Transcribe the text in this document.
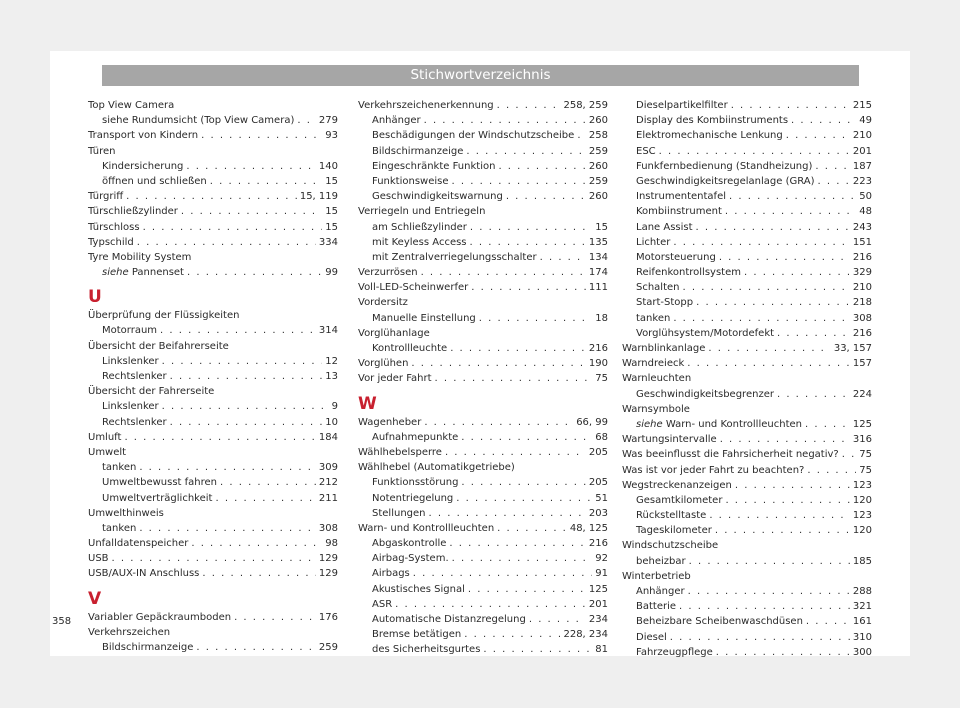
Stichwortverzeichnis
Top View Camera
siehe Rundumsicht (Top View Camera) . . . 279
Transport von Kindern . . .	93
Türen
Kindersicherung . . .	140
öffnen und schließen . . .	15
Türgriff . . .	15, 119
Türschließzylinder . . .	15
Türschloss . . .	15
Typschild . . .	334
Tyre Mobility System
siehe Pannenset . . .	99
U
Überprüfung der Flüssigkeiten
Motorraum . . .	314
Übersicht der Beifahrerseite
Linkslenker . . .	12
Rechtslenker . . .	13
Übersicht der Fahrerseite
Linkslenker . . .	9
Rechtslenker . . .	10
Umluft . . .	184
Umwelt
tanken . . .	309
Umweltbewusst fahren . . .	212
Umweltverträglichkeit . . .	211
Umwelthinweis
tanken . . .	308
Unfalldatenspeicher . . .	98
USB . . .	129
USB/AUX-IN Anschluss . . .	129
V
Variabler Gepäckraumboden . . .	176
Verkehrszeichen
Bildschirmanzeige . . .	259
Verkehrszeichenerkennung . . .	258, 259
Anhänger . . .	260
Beschädigungen der Windschutzscheibe . . . 258
Bildschirmanzeige . . .	259
Eingeschränkte Funktion . . .	260
Funktionsweise . . .	259
Geschwindigkeitswarnung . . .	260
Verriegeln und Entriegeln
am Schließzylinder . . .	15
mit Keyless Access . . .	135
mit Zentralverriegelungsschalter . . .	134
Verzurrösen . . .	174
Voll-LED-Scheinwerfer . . .	111
Vordersitz
Manuelle Einstellung . . .	18
Vorglühanlage
Kontrollleuchte . . .	216
Vorglühen . . .	190
Vor jeder Fahrt . . .	75
W
Wagenheber . . .	66, 99
Aufnahmepunkte . . .	68
Wählhebelsperre . . .	205
Wählhebel (Automatikgetriebe)
Funktionsstörung . . .	205
Notentriegelung . . .	51
Stellungen . . .	203
Warn- und Kontrollleuchten . . .	48, 125
Abgaskontrolle . . .	216
Airbag-System. . . .	92
Airbags . . .	91
Akustisches Signal . . .	125
ASR . . .	201
Automatische Distanzregelung . . .	234
Bremse betätigen . . .	228, 234
des Sicherheitsgurtes . . .	81
Dieselpartikelfilter . . .	215
Display des Kombiinstruments . . .	49
Elektromechanische Lenkung . . .	210
ESC . . .	201
Funkfernbedienung (Standheizung) . . .	187
Geschwindigkeitsregelanlage (GRA) . . .	223
Instrumententafel . . .	50
Kombiinstrument . . .	48
Lane Assist . . .	243
Lichter . . .	151
Motorsteuerung . . .	216
Reifenkontrollsystem . . .	329
Schalten . . .	210
Start-Stopp . . .	218
tanken . . .	308
Vorglühsystem/Motordefekt . . .	216
Warnblinkanlage . . .	33, 157
Warndreieck . . .	157
Warnleuchten
Geschwindigkeitsbegrenzer . . .	224
Warnsymbole
siehe Warn- und Kontrollleuchten . . .	125
Wartungsintervalle . . .	316
Was beeinflusst die Fahrsicherheit negativ? . . . 75
Was ist vor jeder Fahrt zu beachten? . . .	75
Wegstreckenanzeigen . . .	123
Gesamtkilometer . . .	120
Rückstelltaste . . .	123
Tageskilometer . . .	120
Windschutzscheibe
beheizbar . . .	185
Winterbetrieb
Anhänger . . .	288
Batterie . . .	321
Beheizbare Scheibenwaschdüsen . . .	161
Diesel . . .	310
Fahrzeugpflege . . .	300
358
